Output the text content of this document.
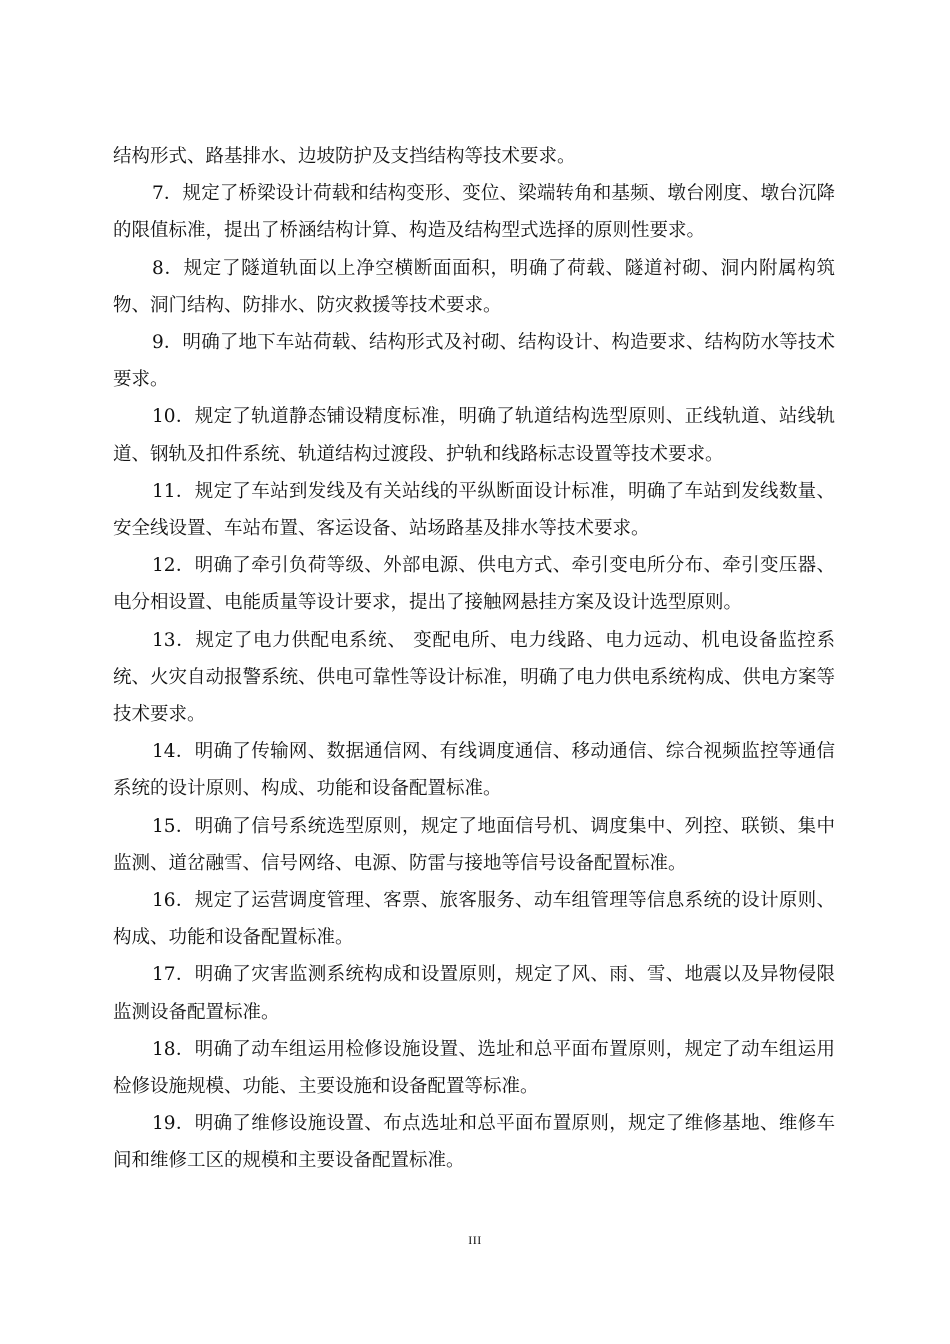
结构形式、路基排水、边坡防护及支挡结构等技术要求。

7．规定了桥梁设计荷载和结构变形、变位、梁端转角和基频、墩台刚度、墩台沉降的限值标准，提出了桥涵结构计算、构造及结构型式选择的原则性要求。

8．规定了隧道轨面以上净空横断面面积，明确了荷载、隧道衬砌、洞内附属构筑物、洞门结构、防排水、防灾救援等技术要求。

9．明确了地下车站荷载、结构形式及衬砌、结构设计、构造要求、结构防水等技术要求。

10．规定了轨道静态铺设精度标准，明确了轨道结构选型原则、正线轨道、站线轨道、钢轨及扣件系统、轨道结构过渡段、护轨和线路标志设置等技术要求。

11．规定了车站到发线及有关站线的平纵断面设计标准，明确了车站到发线数量、安全线设置、车站布置、客运设备、站场路基及排水等技术要求。

12．明确了牵引负荷等级、外部电源、供电方式、牵引变电所分布、牵引变压器、电分相设置、电能质量等设计要求，提出了接触网悬挂方案及设计选型原则。

13．规定了电力供配电系统、 变配电所、电力线路、电力远动、机电设备监控系统、火灾自动报警系统、供电可靠性等设计标准，明确了电力供电系统构成、供电方案等技术要求。

14．明确了传输网、数据通信网、有线调度通信、移动通信、综合视频监控等通信系统的设计原则、构成、功能和设备配置标准。

15．明确了信号系统选型原则，规定了地面信号机、调度集中、列控、联锁、集中监测、道岔融雪、信号网络、电源、防雷与接地等信号设备配置标准。

16．规定了运营调度管理、客票、旅客服务、动车组管理等信息系统的设计原则、构成、功能和设备配置标准。

17．明确了灾害监测系统构成和设置原则，规定了风、雨、雪、地震以及异物侵限监测设备配置标准。

18．明确了动车组运用检修设施设置、选址和总平面布置原则，规定了动车组运用检修设施规模、功能、主要设施和设备配置等标准。

19．明确了维修设施设置、布点选址和总平面布置原则，规定了维修基地、维修车间和维修工区的规模和主要设备配置标准。

III
